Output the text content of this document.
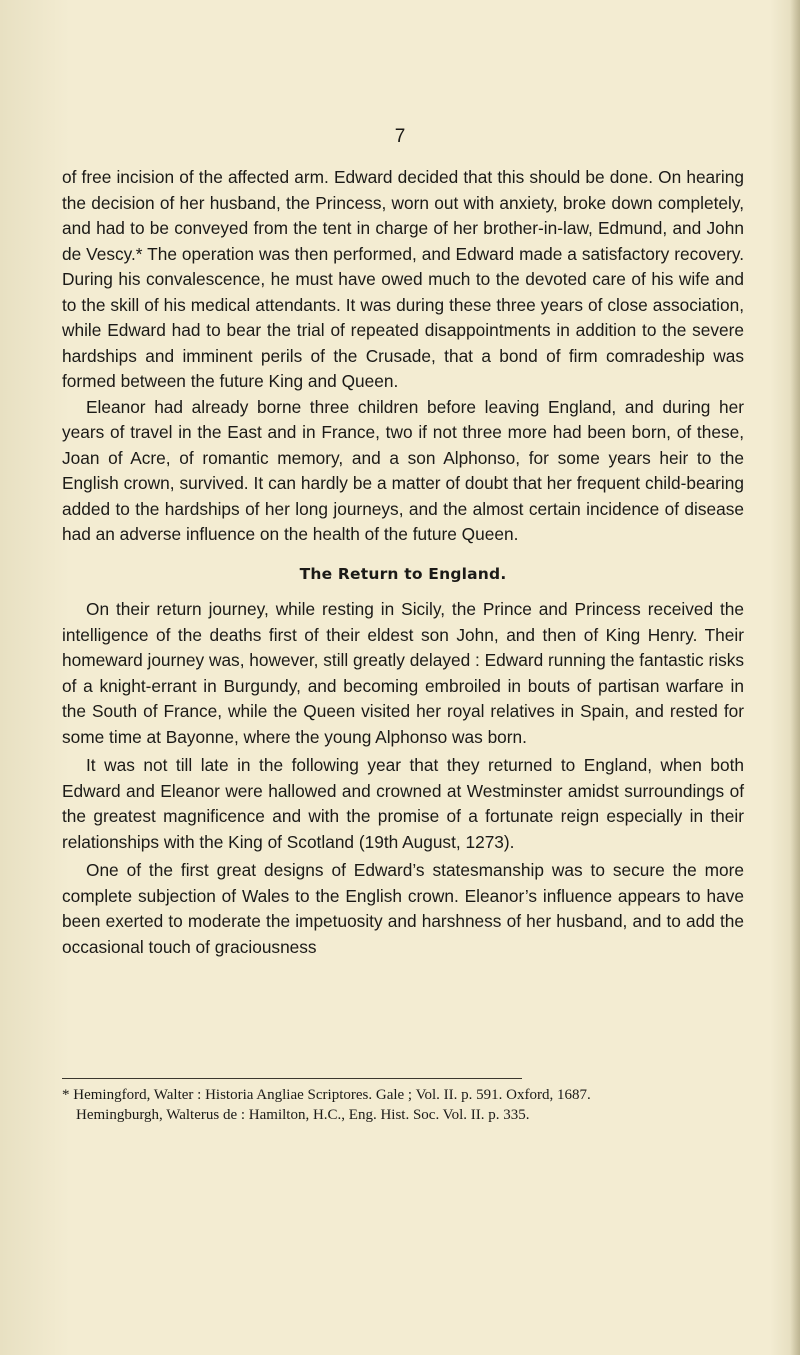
7

of free incision of the affected arm. Edward decided that this should be done. On hearing the decision of her husband, the Princess, worn out with anxiety, broke down completely, and had to be conveyed from the tent in charge of her brother-in-law, Edmund, and John de Vescy.* The operation was then performed, and Edward made a satisfactory recovery. During his convalescence, he must have owed much to the devoted care of his wife and to the skill of his medical attendants. It was during these three years of close association, while Edward had to bear the trial of repeated disappointments in addition to the severe hardships and imminent perils of the Crusade, that a bond of firm comradeship was formed between the future King and Queen.

Eleanor had already borne three children before leaving England, and during her years of travel in the East and in France, two if not three more had been born, of these, Joan of Acre, of romantic memory, and a son Alphonso, for some years heir to the English crown, survived. It can hardly be a matter of doubt that her frequent child-bearing added to the hardships of her long journeys, and the almost certain incidence of disease had an adverse influence on the health of the future Queen.

The Return to England.

On their return journey, while resting in Sicily, the Prince and Princess received the intelligence of the deaths first of their eldest son John, and then of King Henry. Their homeward journey was, however, still greatly delayed : Edward running the fantastic risks of a knight-errant in Burgundy, and becoming embroiled in bouts of partisan warfare in the South of France, while the Queen visited her royal relatives in Spain, and rested for some time at Bayonne, where the young Alphonso was born.

It was not till late in the following year that they returned to England, when both Edward and Eleanor were hallowed and crowned at Westminster amidst surroundings of the greatest magnificence and with the promise of a fortunate reign especially in their relationships with the King of Scotland (19th August, 1273).

One of the first great designs of Edward’s statesmanship was to secure the more complete subjection of Wales to the English crown. Eleanor’s influence appears to have been exerted to moderate the impetuosity and harshness of her husband, and to add the occasional touch of graciousness

* Hemingford, Walter : Historia Angliae Scriptores. Gale ; Vol. II. p. 591. Oxford, 1687.
Hemingburgh, Walterus de : Hamilton, H.C., Eng. Hist. Soc. Vol. II. p. 335.
